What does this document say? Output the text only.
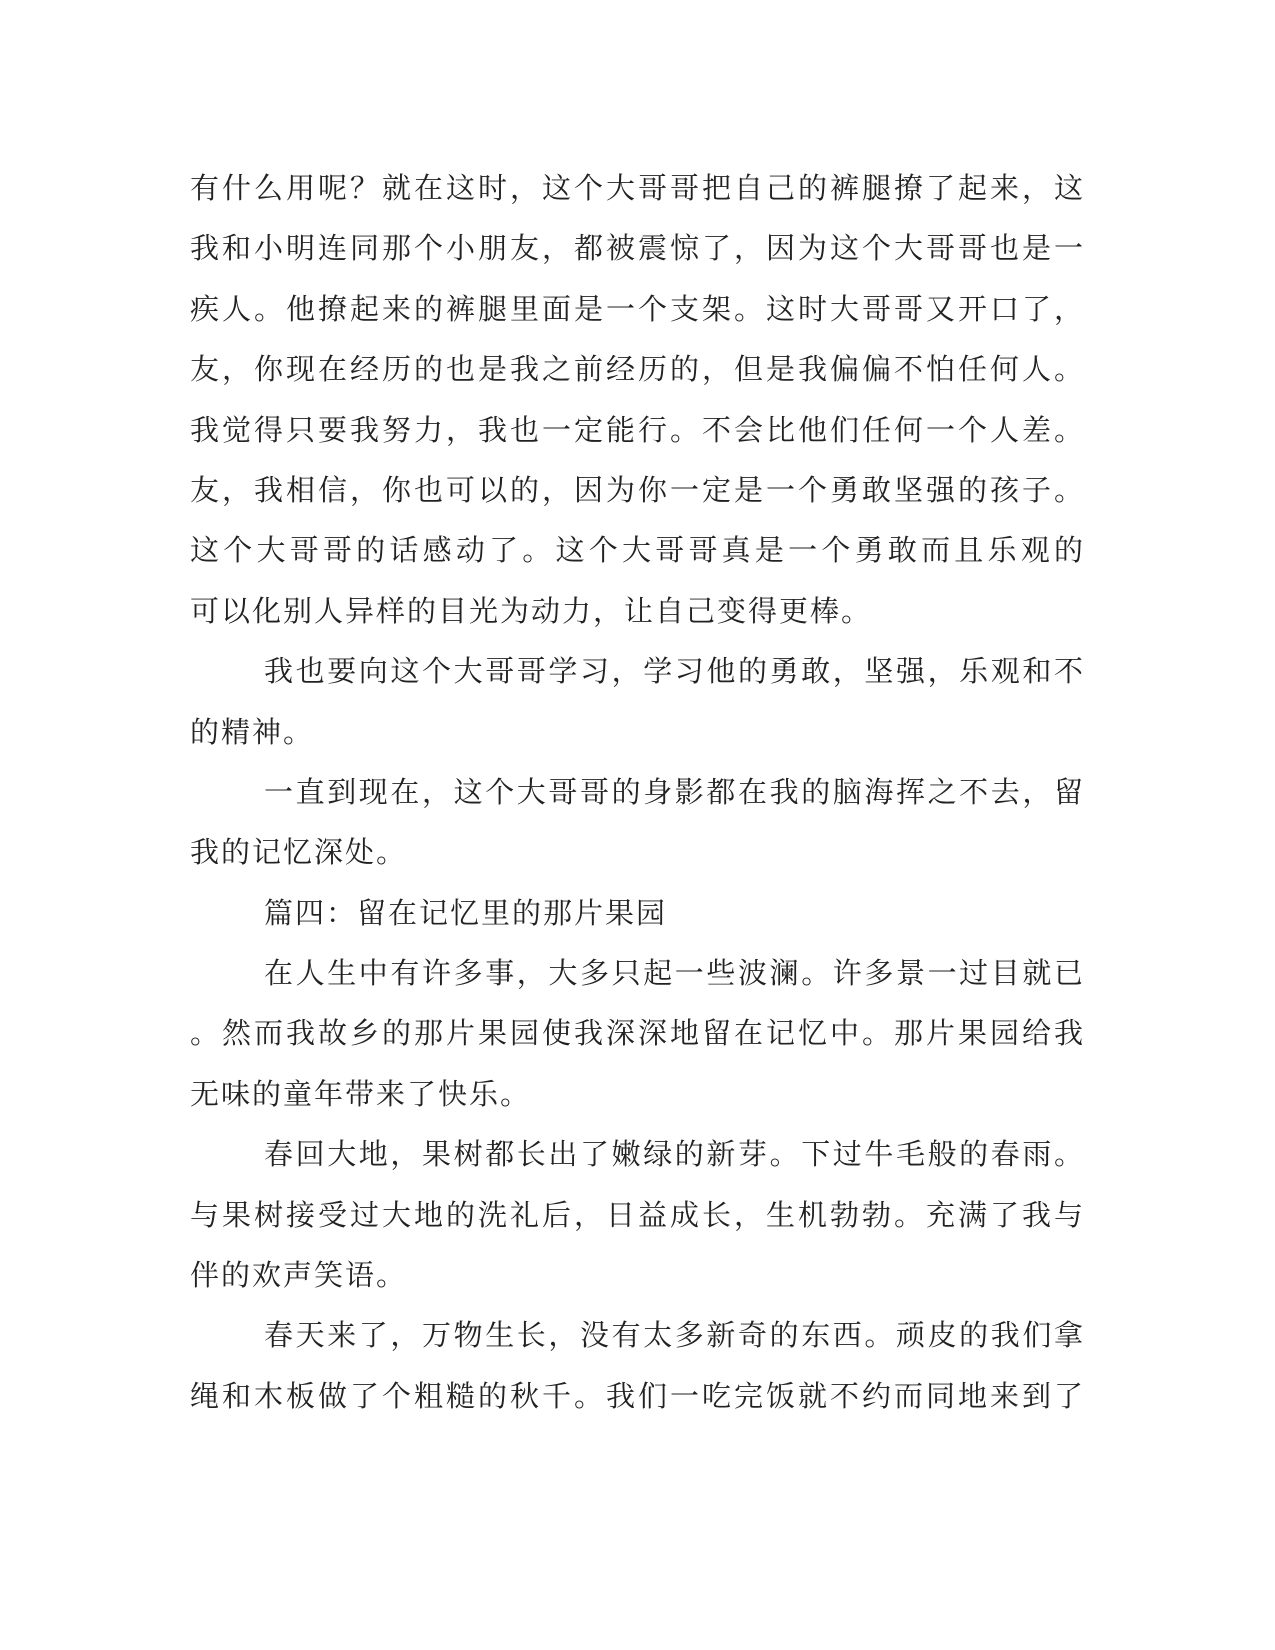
有什么用呢？就在这时，这个大哥哥把自己的裤腿撩了起来，这
我和小明连同那个小朋友，都被震惊了，因为这个大哥哥也是一
疾人。他撩起来的裤腿里面是一个支架。这时大哥哥又开口了，
友，你现在经历的也是我之前经历的，但是我偏偏不怕任何人。
我觉得只要我努力，我也一定能行。不会比他们任何一个人差。
友，我相信，你也可以的，因为你一定是一个勇敢坚强的孩子。
这个大哥哥的话感动了。这个大哥哥真是一个勇敢而且乐观的
可以化别人异样的目光为动力，让自己变得更棒。
我也要向这个大哥哥学习，学习他的勇敢，坚强，乐观和不
的精神。
一直到现在，这个大哥哥的身影都在我的脑海挥之不去，留
我的记忆深处。
篇四：留在记忆里的那片果园
在人生中有许多事，大多只起一些波澜。许多景一过目就已
。然而我故乡的那片果园使我深深地留在记忆中。那片果园给我
无味的童年带来了快乐。
春回大地，果树都长出了嫩绿的新芽。下过牛毛般的春雨。
与果树接受过大地的洗礼后，日益成长，生机勃勃。充满了我与
伴的欢声笑语。
春天来了，万物生长，没有太多新奇的东西。顽皮的我们拿
绳和木板做了个粗糙的秋千。我们一吃完饭就不约而同地来到了
